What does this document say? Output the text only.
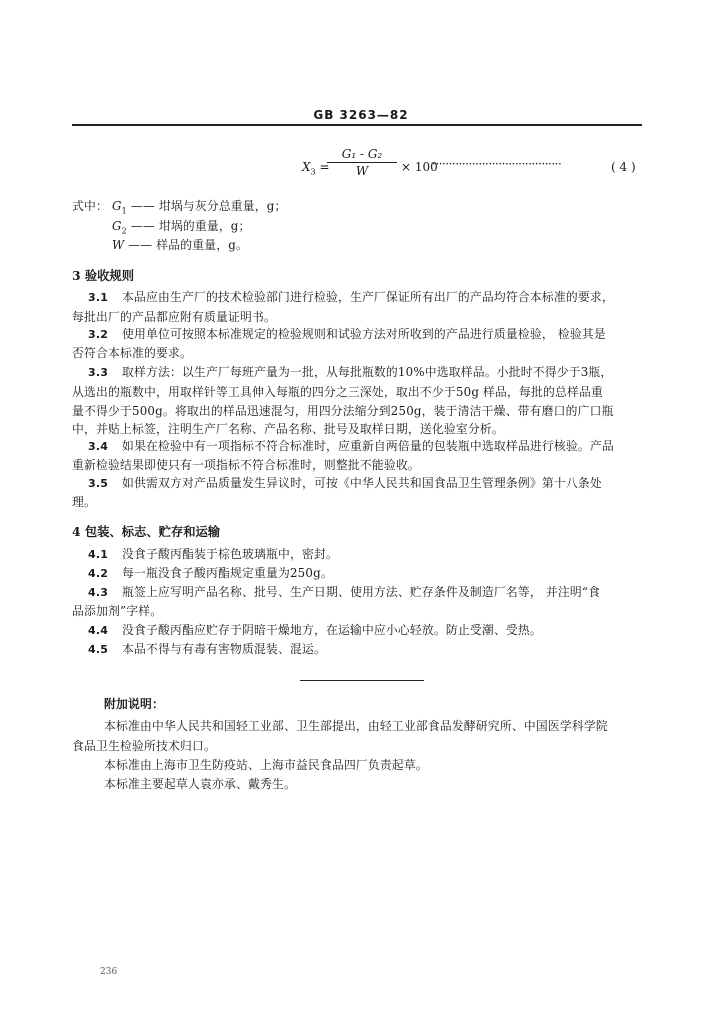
GB 3263—82
$X_3$ =
$\frac{\text{G₁ - G₂}}{W} \times 100$
·······································	( 4 )
式中： $G_1$ —— 坩埚与灰分总重量，g；
$G_2$ —— 坩埚的重量，g；
W —— 样品的重量，g。
3 验收规则
3.1 本品应由生产厂的技术检验部门进行检验，生产厂保证所有出厂的产品均符合本标准的要求，
每批出厂的产品都应附有质量证明书。
3.2 使用单位可按照本标准规定的检验规则和试验方法对所收到的产品进行质量检验， 检验其是
否符合本标准的要求。
3.3 取样方法：以生产厂每班产量为一批，从每批瓶数的10%中选取样品。小批时不得少于3瓶，
从选出的瓶数中，用取样针等工具伸入每瓶的四分之三深处，取出不少于50g 样品，每批的总样品重
量不得少于500g。将取出的样品迅速混匀，用四分法缩分到250g，装于清洁干燥、带有磨口的广口瓶
中，并贴上标签，注明生产厂名称、产品名称、批号及取样日期，送化验室分析。
3.4 如果在检验中有一项指标不符合标准时，应重新自两倍量的包装瓶中选取样品进行核验。产品
重新检验结果即使只有一项指标不符合标准时，则整批不能验收。
3.5 如供需双方对产品质量发生异议时，可按《中华人民共和国食品卫生管理条例》第十八条处
理。
4 包装、标志、贮存和运输
4.1 没食子酸丙酯装于棕色玻璃瓶中，密封。
4.2 每一瓶没食子酸丙酯规定重量为250g。
4.3 瓶签上应写明产品名称、批号、生产日期、使用方法、贮存条件及制造厂名等， 并注明“食
品添加剂”字样。
4.4 没食子酸丙酯应贮存于阴暗干燥地方，在运输中应小心轻放。防止受潮、受热。
4.5 本品不得与有毒有害物质混装、混运。
附加说明：
本标准由中华人民共和国轻工业部、卫生部提出，由轻工业部食品发酵研究所、中国医学科学院
食品卫生检验所技术归口。
本标准由上海市卫生防疫站、上海市益民食品四厂负责起草。
本标准主要起草人袁亦承、戴秀生。
236
